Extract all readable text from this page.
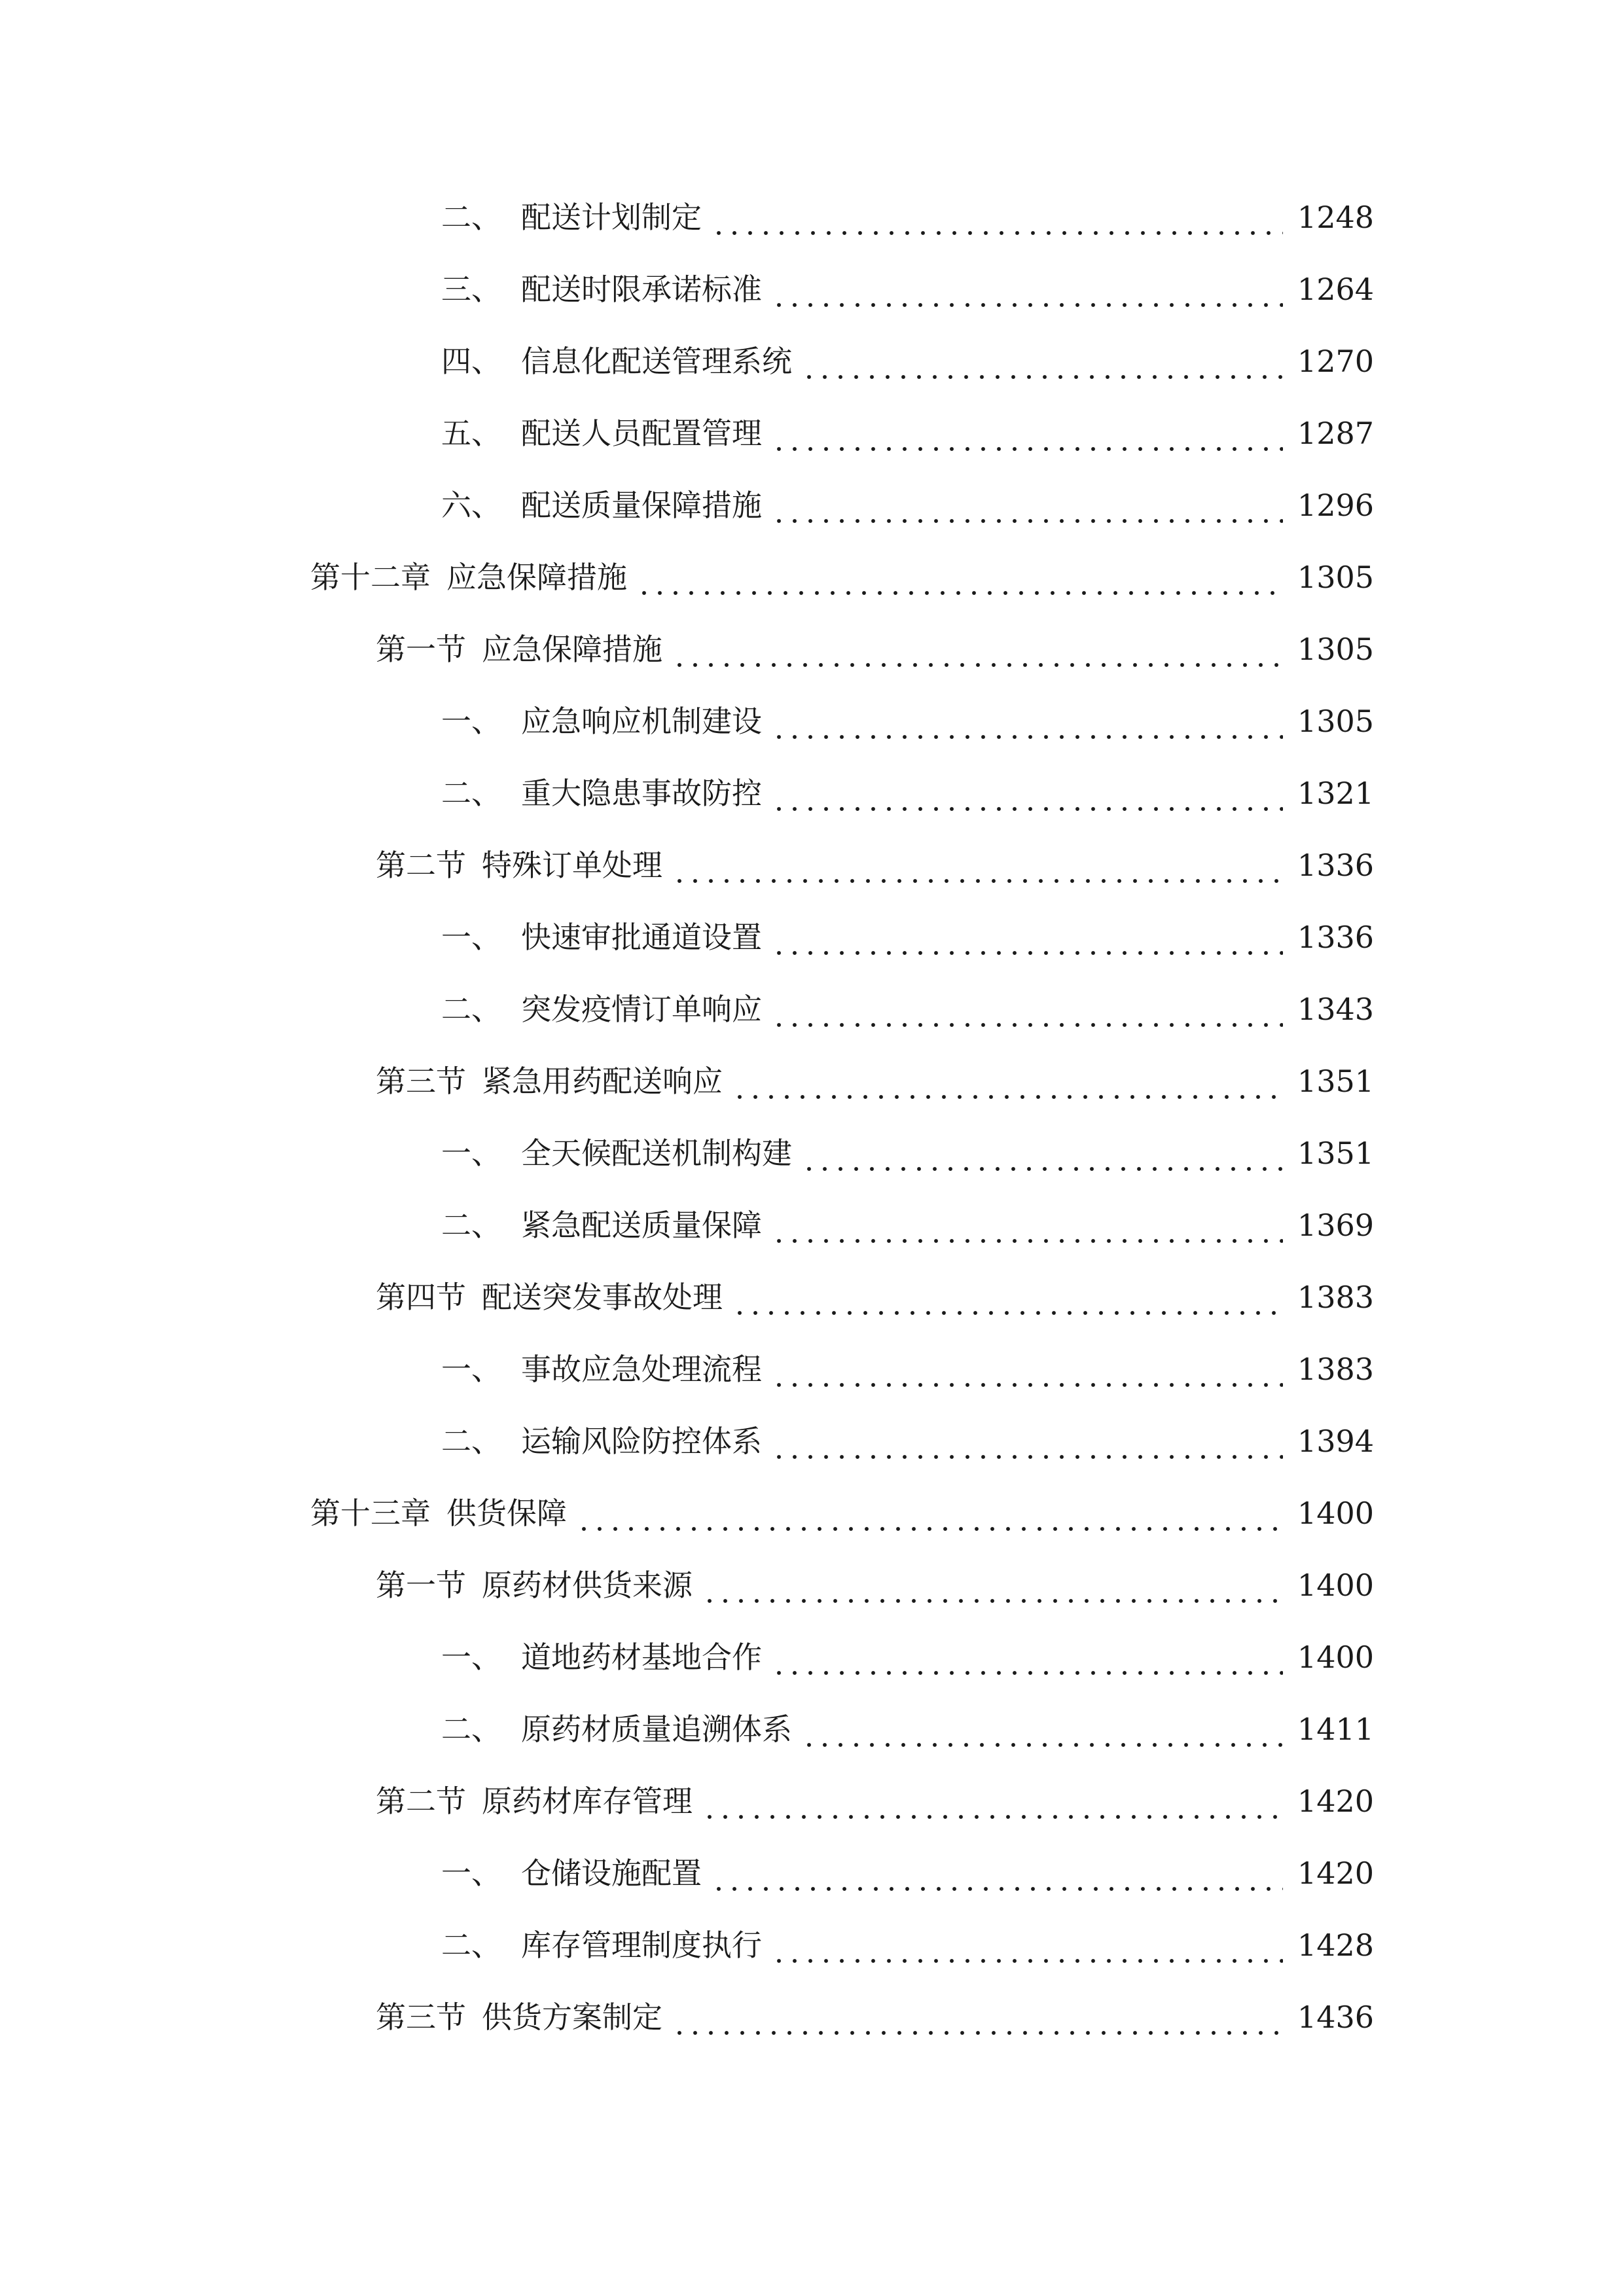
二、 配送计划制定	1248
三、 配送时限承诺标准	1264
四、 信息化配送管理系统	1270
五、 配送人员配置管理	1287
六、 配送质量保障措施	1296
第十二章 应急保障措施	1305
第一节 应急保障措施	1305
一、 应急响应机制建设	1305
二、 重大隐患事故防控	1321
第二节 特殊订单处理	1336
一、 快速审批通道设置	1336
二、 突发疫情订单响应	1343
第三节 紧急用药配送响应	1351
一、 全天候配送机制构建	1351
二、 紧急配送质量保障	1369
第四节 配送突发事故处理	1383
一、 事故应急处理流程	1383
二、 运输风险防控体系	1394
第十三章 供货保障	1400
第一节 原药材供货来源	1400
一、 道地药材基地合作	1400
二、 原药材质量追溯体系	1411
第二节 原药材库存管理	1420
一、 仓储设施配置	1420
二、 库存管理制度执行	1428
第三节 供货方案制定	1436
